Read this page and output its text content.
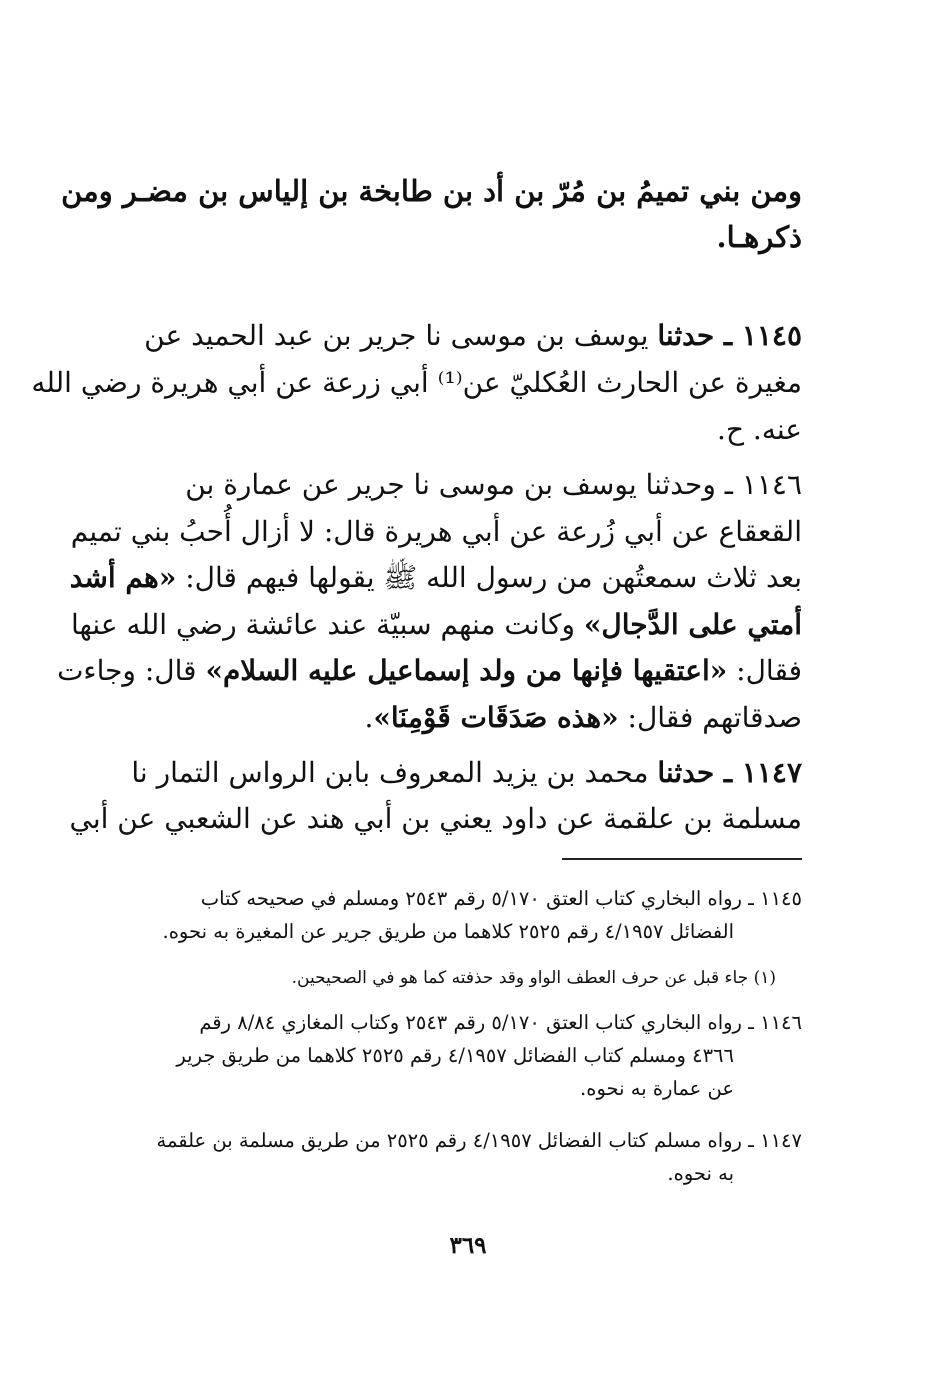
ومن بني تميمُ بن مُرّ بن أد بن طابخة بن إلياس بن مضـر ومن
ذكرهـا.

١١٤٥ ـ حدثنا يوسف بن موسى نا جرير بن عبد الحميد عن
مغيرة عن الحارث العُكليّ عن⁽¹⁾ أبي زرعة عن أبي هريرة رضي الله
عنه. ح.

١١٤٦ ـ وحدثنا يوسف بن موسى نا جرير عن عمارة بن
القعقاع عن أبي زُرعة عن أبي هريرة قال: لا أزال أُحبُ بني تميم
بعد ثلاث سمعتُهن من رسول الله ﷺ يقولها فيهم قال: «هم أشد
أمتي على الدَّجال» وكانت منهم سبيّة عند عائشة رضي الله عنها
فقال: «اعتقيها فإنها من ولد إسماعيل عليه السلام» قال: وجاءت
صدقاتهم فقال: «هذه صَدَقَات قَوْمِنَا».

١١٤٧ ـ حدثنا محمد بن يزيد المعروف بابن الرواس التمار نا
مسلمة بن علقمة عن داود يعني بن أبي هند عن الشعبي عن أبي

١١٤٥ ـ رواه البخاري كتاب العتق ٥/١٧٠ رقم ٢٥٤٣ ومسلم في صحيحه كتاب
الفضائل ٤/١٩٥٧ رقم ٢٥٢٥ كلاهما من طريق جرير عن المغيرة به نحوه.

(١) جاء قبل عن حرف العطف الواو وقد حذفته كما هو في الصحيحين.

١١٤٦ ـ رواه البخاري كتاب العتق ٥/١٧٠ رقم ٢٥٤٣ وكتاب المغازي ٨/٨٤ رقم
٤٣٦٦ ومسلم كتاب الفضائل ٤/١٩٥٧ رقم ٢٥٢٥ كلاهما من طريق جرير
عن عمارة به نحوه.

١١٤٧ ـ رواه مسلم كتاب الفضائل ٤/١٩٥٧ رقم ٢٥٢٥ من طريق مسلمة بن علقمة
به نحوه.

٣٦٩
